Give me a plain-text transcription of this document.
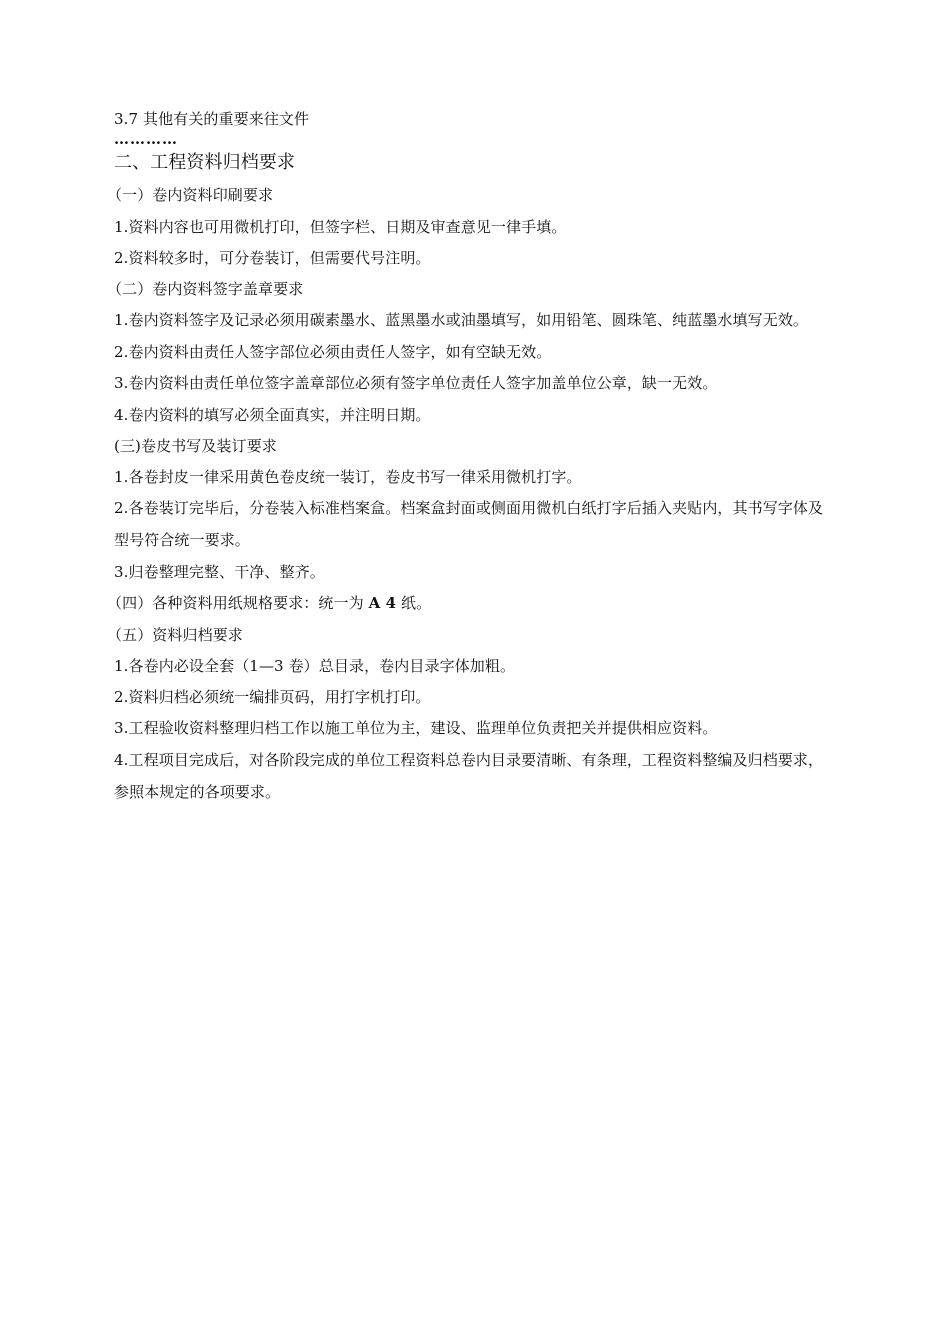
3.7 其他有关的重要来往文件

…………

二、工程资料归档要求

（一）卷内资料印刷要求

1.资料内容也可用微机打印，但签字栏、日期及审查意见一律手填。

2.资料较多时，可分卷装订，但需要代号注明。

（二）卷内资料签字盖章要求

1.卷内资料签字及记录必须用碳素墨水、蓝黑墨水或油墨填写，如用铅笔、圆珠笔、纯蓝墨水填写无效。

2.卷内资料由责任人签字部位必须由责任人签字，如有空缺无效。

3.卷内资料由责任单位签字盖章部位必须有签字单位责任人签字加盖单位公章，缺一无效。

4.卷内资料的填写必须全面真实，并注明日期。

(三)卷皮书写及装订要求

1.各卷封皮一律采用黄色卷皮统一装订，卷皮书写一律采用微机打字。

2.各卷装订完毕后，分卷装入标准档案盒。档案盒封面或侧面用微机白纸打字后插入夹贴内，其书写字体及型号符合统一要求。

3.归卷整理完整、干净、整齐。

（四）各种资料用纸规格要求：统一为 A 4 纸。

（五）资料归档要求

1.各卷内必设全套（1—3 卷）总目录，卷内目录字体加粗。

2.资料归档必须统一编排页码，用打字机打印。

3.工程验收资料整理归档工作以施工单位为主，建设、监理单位负责把关并提供相应资料。

4.工程项目完成后，对各阶段完成的单位工程资料总卷内目录要清晰、有条理，工程资料整编及归档要求，参照本规定的各项要求。
